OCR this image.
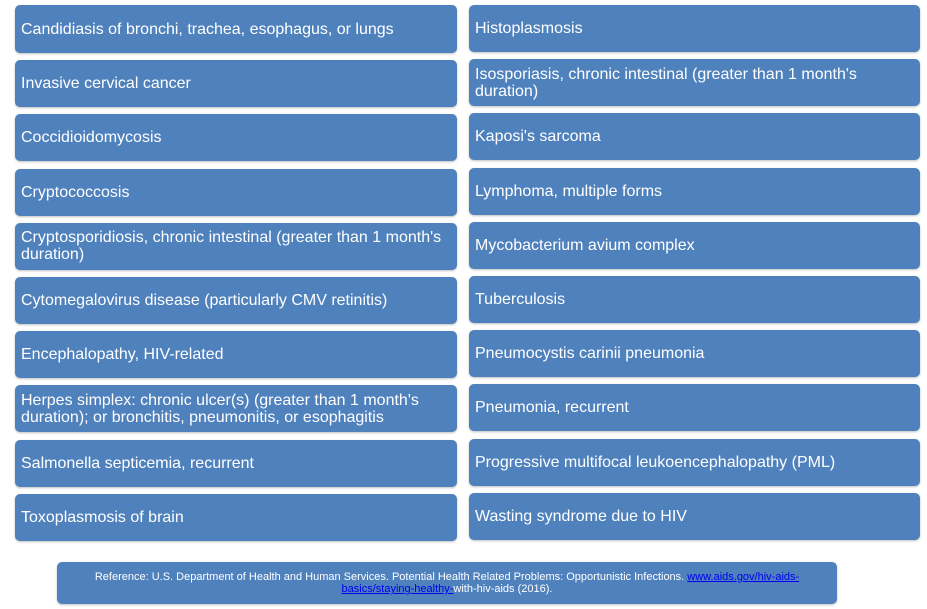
Candidiasis of bronchi, trachea, esophagus, or lungs
Invasive cervical cancer
Coccidioidomycosis
Cryptococcosis
Cryptosporidiosis, chronic intestinal (greater than 1 month's duration)
Cytomegalovirus disease (particularly CMV retinitis)
Encephalopathy, HIV-related
Herpes simplex: chronic ulcer(s) (greater than 1 month's duration); or bronchitis, pneumonitis, or esophagitis
Salmonella septicemia, recurrent
Toxoplasmosis of brain
Histoplasmosis
Isosporiasis, chronic intestinal (greater than 1 month's duration)
Kaposi's sarcoma
Lymphoma, multiple forms
Mycobacterium avium complex
Tuberculosis
Pneumocystis carinii pneumonia
Pneumonia, recurrent
Progressive multifocal leukoencephalopathy (PML)
Wasting syndrome due to HIV
Reference: U.S. Department of Health and Human Services. Potential Health Related Problems: Opportunistic Infections. www.aids.gov/hiv-aids-basics/staying-healthy-with-hiv-aids (2016).
